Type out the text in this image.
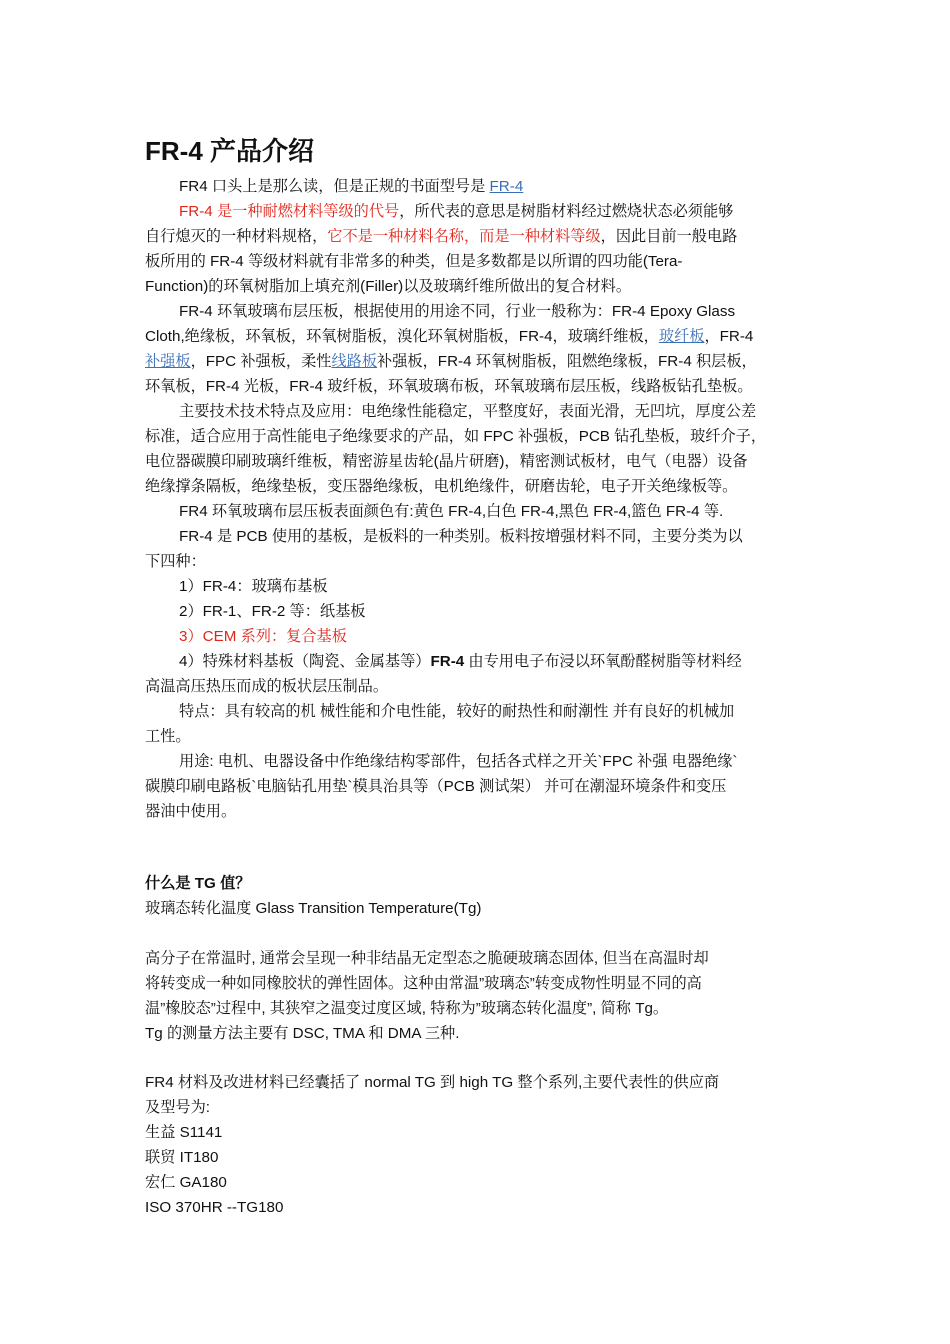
FR-4 产品介绍
FR4 口头上是那么读，但是正规的书面型号是 FR-4
FR-4 是一种耐燃材料等级的代号，所代表的意思是树脂材料经过燃烧状态必须能够
自行熄灭的一种材料规格，它不是一种材料名称，而是一种材料等级，因此目前一般电路
板所用的 FR-4 等级材料就有非常多的种类，但是多数都是以所谓的四功能(Tera-
Function)的环氧树脂加上填充剂(Filler)以及玻璃纤维所做出的复合材料。
FR-4 环氧玻璃布层压板，根据使用的用途不同，行业一般称为：FR-4 Epoxy Glass
Cloth,绝缘板，环氧板，环氧树脂板，溴化环氧树脂板，FR-4，玻璃纤维板，玻纤板，FR-4
补强板，FPC 补强板，柔性线路板补强板，FR-4 环氧树脂板，阻燃绝缘板，FR-4 积层板，
环氧板，FR-4 光板，FR-4 玻纤板，环氧玻璃布板，环氧玻璃布层压板，线路板钻孔垫板。
主要技术技术特点及应用：电绝缘性能稳定，平整度好，表面光滑，无凹坑，厚度公差
标准，适合应用于高性能电子绝缘要求的产品，如 FPC 补强板，PCB 钻孔垫板，玻纤介子，
电位器碳膜印刷玻璃纤维板，精密游星齿轮(晶片研磨)，精密测试板材，电气（电器）设备
绝缘撑条隔板，绝缘垫板，变压器绝缘板，电机绝缘件，研磨齿轮，电子开关绝缘板等。
FR4 环氧玻璃布层压板表面颜色有:黄色 FR-4,白色 FR-4,黑色 FR-4,篮色 FR-4 等.
FR-4 是 PCB 使用的基板，是板料的一种类别。板料按增强材料不同，主要分类为以
下四种：
1）FR-4：玻璃布基板
2）FR-1、FR-2 等：纸基板
3）CEM 系列：复合基板
4）特殊材料基板（陶瓷、金属基等）FR-4 由专用电子布浸以环氧酚醛树脂等材料经
高温高压热压而成的板状层压制品。
特点：具有较高的机 械性能和介电性能，较好的耐热性和耐潮性 并有良好的机械加
工性。
用途: 电机、电器设备中作绝缘结构零部件，包括各式样之开关`FPC 补强 电器绝缘`
碳膜印刷电路板`电脑钻孔用垫`模具治具等（PCB 测试架） 并可在潮湿环境条件和变压
器油中使用。
什么是 TG 值？
玻璃态转化温度 Glass Transition Temperature(Tg)
高分子在常温时, 通常会呈现一种非结晶无定型态之脆硬玻璃态固体, 但当在高温时却
将转变成一种如同橡胶状的弹性固体。这种由常温”玻璃态”转变成物性明显不同的高
温”橡胶态”过程中, 其狭窄之温变过度区域, 特称为”玻璃态转化温度”, 简称 Tg。
Tg 的测量方法主要有 DSC, TMA 和 DMA 三种.
FR4 材料及改进材料已经囊括了 normal TG 到 high TG 整个系列,主要代表性的供应商
及型号为:
生益 S1141
联贸 IT180
宏仁 GA180
ISO 370HR --TG180
